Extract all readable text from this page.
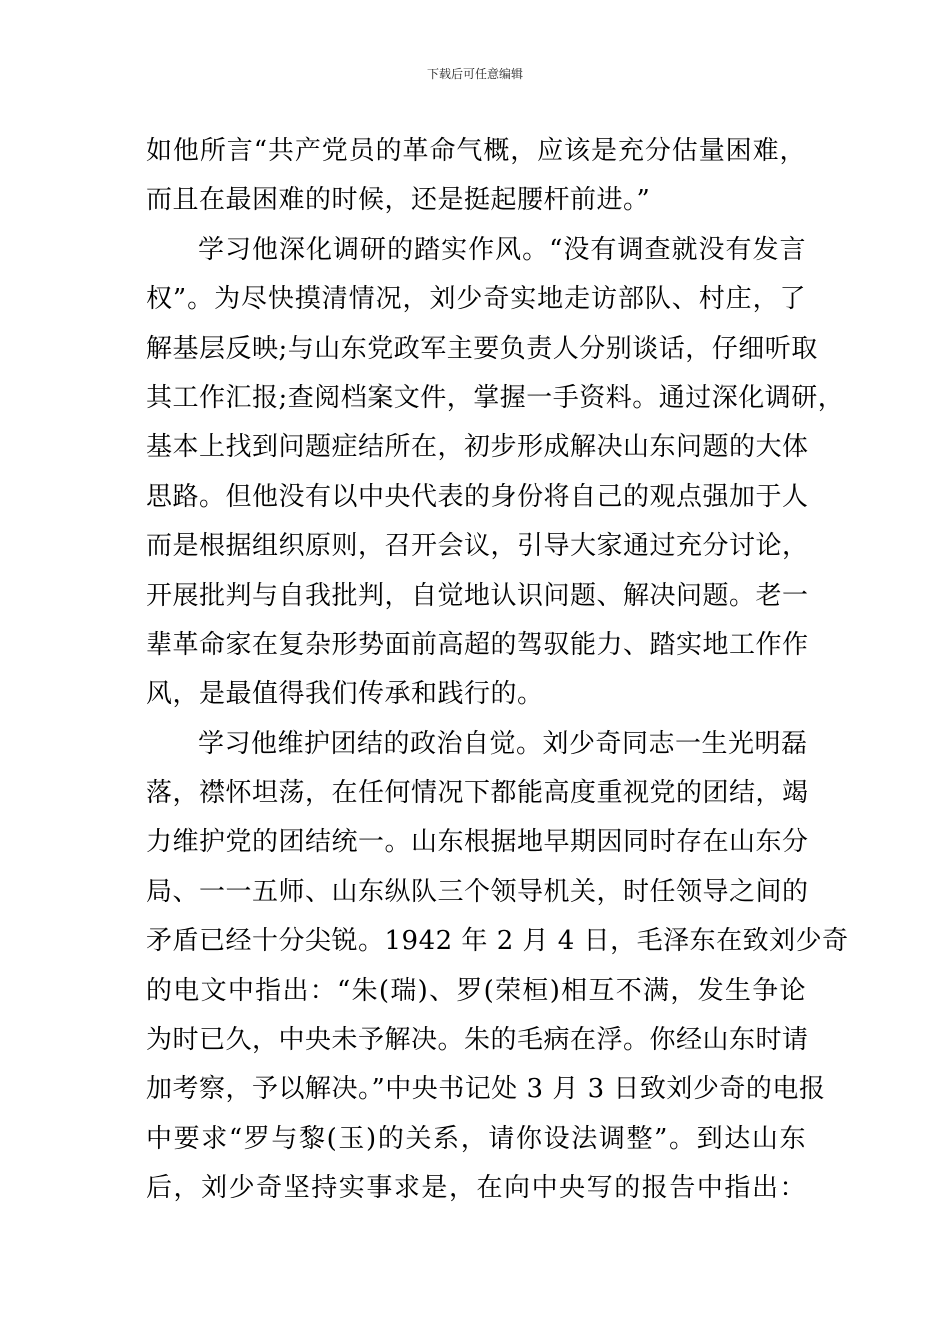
下载后可任意编辑
如他所言“共产党员的革命气概，应该是充分估量困难，
而且在最困难的时候，还是挺起腰杆前进。”
学习他深化调研的踏实作风。“没有调查就没有发言
权”。为尽快摸清情况，刘少奇实地走访部队、村庄，了
解基层反映;与山东党政军主要负责人分别谈话，仔细听取
其工作汇报;查阅档案文件，掌握一手资料。通过深化调研，
基本上找到问题症结所在，初步形成解决山东问题的大体
思路。但他没有以中央代表的身份将自己的观点强加于人
而是根据组织原则，召开会议，引导大家通过充分讨论，
开展批判与自我批判，自觉地认识问题、解决问题。老一
辈革命家在复杂形势面前高超的驾驭能力、踏实地工作作
风，是最值得我们传承和践行的。
学习他维护团结的政治自觉。刘少奇同志一生光明磊
落，襟怀坦荡，在任何情况下都能高度重视党的团结，竭
力维护党的团结统一。山东根据地早期因同时存在山东分
局、一一五师、山东纵队三个领导机关，时任领导之间的
矛盾已经十分尖锐。1942 年 2 月 4 日，毛泽东在致刘少奇
的电文中指出：“朱(瑞)、罗(荣桓)相互不满，发生争论
为时已久，中央未予解决。朱的毛病在浮。你经山东时请
加考察，予以解决。”中央书记处 3 月 3 日致刘少奇的电报
中要求“罗与黎(玉)的关系，请你设法调整”。到达山东
后，刘少奇坚持实事求是，在向中央写的报告中指出：
